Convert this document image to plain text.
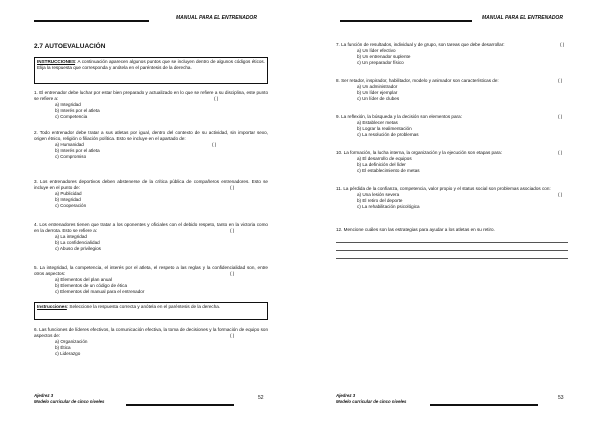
MANUAL PARA EL ENTRENADOR
2.7 AUTOEVALUACIÓN
INSTRUCCIONES: A continuación aparecen algunos puntos que se incluyen dentro de algunos códigos éticos. Elija la respuesta que corresponda y anótela en el paréntesis de la derecha.
1. El entrenador debe luchar por estar bien preparado y actualizado en lo que se refiere a su disciplina, este punto se refiere a:
a) Integridad
b) Interés por el atleta
c) Competencia
( )
2. Todo entrenador debe tratar a sus atletas por igual, dentro del contexto de su actividad, sin importar sexo, origen étnico, religión o filiación política. Esto se incluye en el apartado de:
a) Humanidad
b) Interés por el atleta
c) Compromiso
( )
3. Los entrenadores deportivos deben abstenerse de la crítica pública de compañeros entrenadores. Esto se incluye en el punto de:
a) Publicidad
b) Integridad
c) Cooperación
( )
4. Los entrenadores tienen que tratar a los oponentes y oficiales con el debido respeto, tanto en la victoria como en la derrota. Esto se refiere a:
a) La integridad
b) La confidencialidad
c) Abuso de privilegios
( )
5. La integridad, la competencia, el interés por el atleta, el respeto a las reglas y la confidencialidad son, entre otros aspectos:
a) Elementos del plan anual
b) Elementos de un código de ética
c) Elementos del manual para el entrenador
( )
Instrucciones: Seleccione la respuesta correcta y anótela en el paréntesis de la derecha.
6. Las funciones de líderes efectivos, la comunicación efectiva, la toma de decisiones y la formación de equipo son aspectos de:
a) Organización
b) Ética
c) Liderazgo
( )
Ajedrez 3
Modelo curricular de cinco niveles
52
MANUAL PARA EL ENTRENADOR
7. La función de resultados, individual y de grupo, son tareas que debe desarrollar:
a) Un líder efectivo
b) Un entrenador suplente
c) Un preparador físico
( )
8. Ser retador, inspirador, habilitador, modelo y animador son características de:
a) Un administrador
b) Un líder ejemplar
c) Un líder de clubes
( )
9. La reflexión, la búsqueda y la decisión son elementos para:
a) Establecer metas
b) Lograr la realimentación
c) La resolución de problemas
( )
10. La formación, la lucha interna, la organización y la ejecución son etapas para:
a) El desarrollo de equipos
b) La definición del líder
c) El establecimiento de metas
( )
11. La pérdida de la confianza, competencia, valor propio y el status social son problemas asociados con:
a) Una lesión severa
b) El retiro del deporte
c) La rehabilitación psicológica
( )
12. Mencione cuáles son las estrategias para ayudar a los atletas en su retiro.
Ajedrez 3
Modelo curricular de cinco niveles
53
